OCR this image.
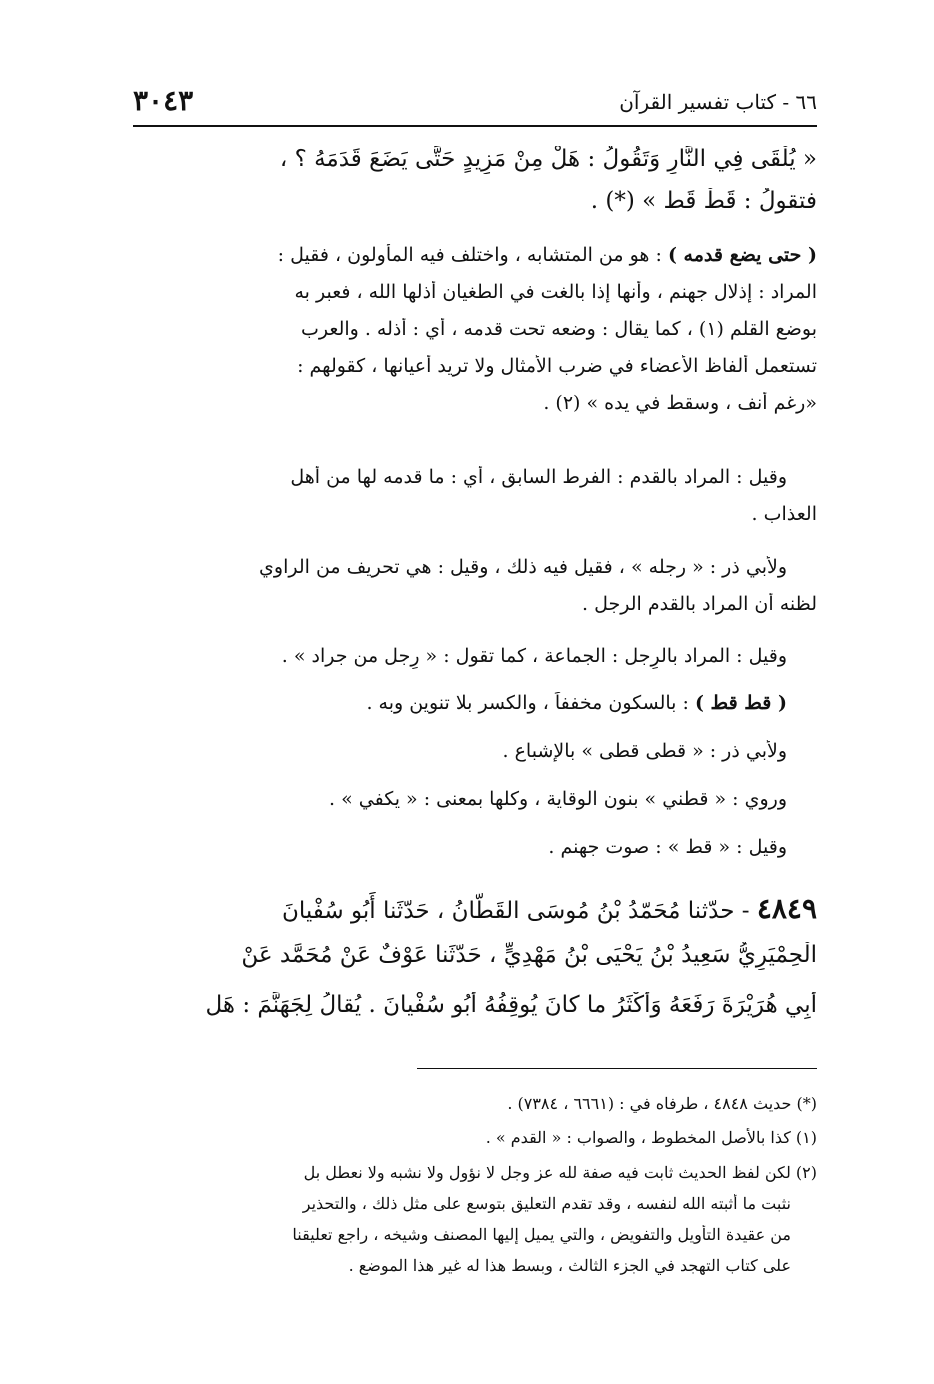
٦٦ - كتاب تفسير القرآن
٣٠٤٣
« يُلْقَى فِي النَّارِ وَتَقُولُ : هَلْ مِنْ مَزِيدٍ حَتَّى يَضَعَ قَدَمَهُ ؟ ،
فتقولُ : قَطْ قَط » (*) .
( حتى يضع قدمه ) : هو من المتشابه ، واختلف فيه المأولون ، فقيل :
المراد : إذلال جهنم ، وأنها إذا بالغت في الطغيان أذلها الله ، فعبر به
بوضع القلم (١) ، كما يقال : وضعه تحت قدمه ، أي : أذله . والعرب
تستعمل ألفاظ الأعضاء في ضرب الأمثال ولا تريد أعيانها ، كقولهم :
«رغم أنف ، وسقط في يده » (٢) .
وقيل : المراد بالقدم : الفرط السابق ، أي : ما قدمه لها من أهل
العذاب .
ولأبي ذر : « رجله » ، فقيل فيه ذلك ، وقيل : هي تحريف من الراوي
لظنه أن المراد بالقدم الرجل .
وقيل : المراد بالرِجل : الجماعة ، كما تقول : « رِجل من جراد » .
( قط قط ) : بالسكون مخففاً ، والكسر بلا تنوين وبه .
ولأبي ذر : « قطى قطى » بالإشباع .
وروي : « قطني » بنون الوقاية ، وكلها بمعنى : « يكفي » .
وقيل : « قط » : صوت جهنم .
٤٨٤٩ - حدّثنا مُحَمّدُ بْنُ مُوسَى القَطّانُ ، حَدّثَنا أَبُو سُفْيانَ
الْحِمْيَرِيُّ سَعِيدُ بْنُ يَحْيَى بْنُ مَهْدِيٍّ ، حَدّثَنا عَوْفٌ عَنْ مُحَمَّد عَنْ
أَبِي هُرَيْرَةَ رَفَعَهُ وَأَكْثَرُ ما كانَ يُوقِفُهُ أَبُو سُفْيانَ . يُقالُ لِجَهَنَّمَ : هَل
(*) حديث ٤٨٤٨ ، طرفاه في : (٦٦٦١ ، ٧٣٨٤) .
(١) كذا بالأصل المخطوط ، والصواب : « القدم » .
(٢) لكن لفظ الحديث ثابت فيه صفة لله عز وجل لا نؤول ولا نشبه ولا نعطل بل
نثبت ما أثبته الله لنفسه ، وقد تقدم التعليق بتوسع على مثل ذلك ، والتحذير
من عقيدة التأويل والتفويض ، والتي يميل إليها المصنف وشيخه ، راجع تعليقنا
على كتاب التهجد في الجزء الثالث ، وبسط هذا له غير هذا الموضع .
